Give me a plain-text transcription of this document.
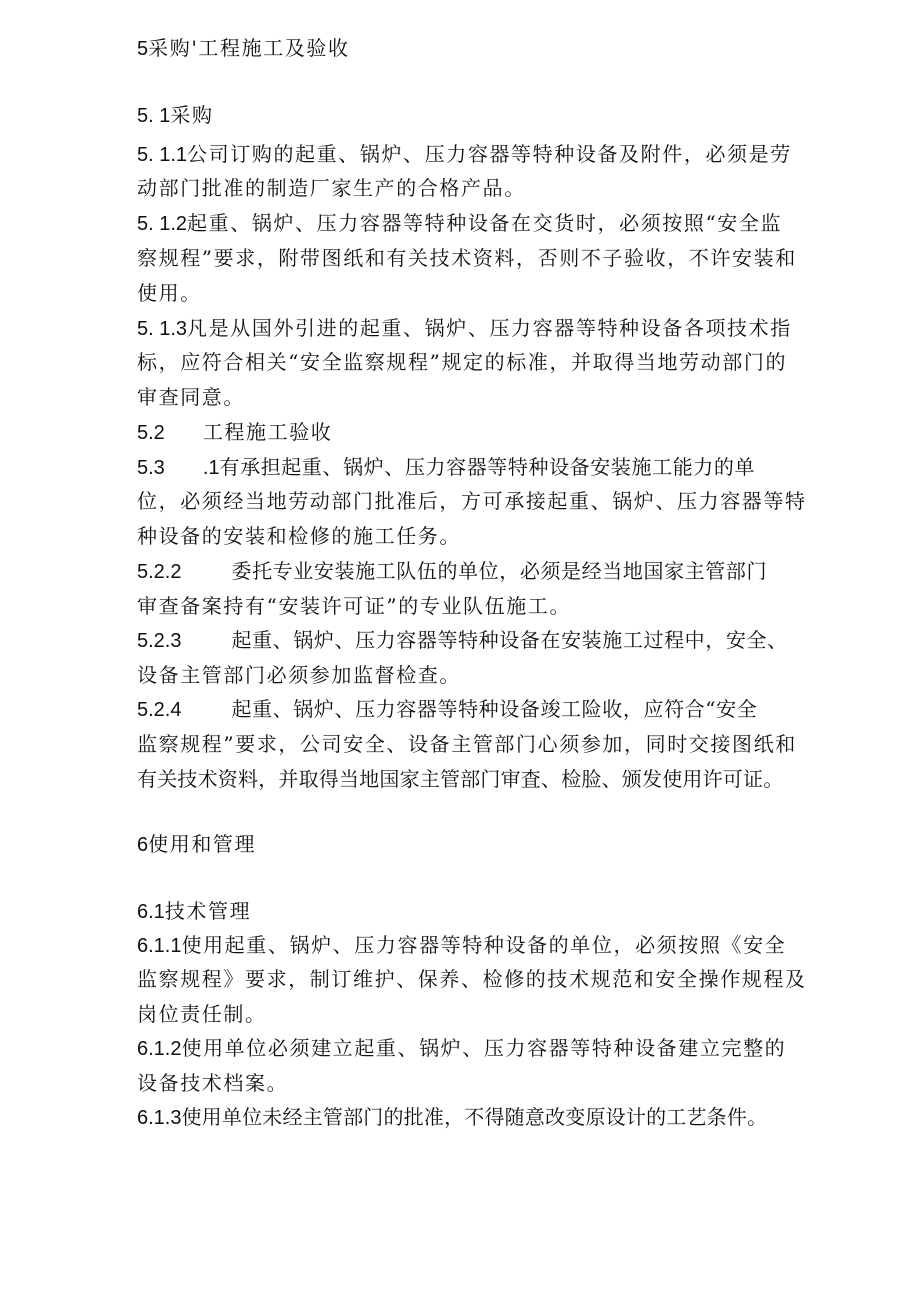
5采购'工程施工及验收
5. 1采购
5. 1.1公司订购的起重、锅炉、压力容器等特种设备及附件，必须是劳
动部门批准的制造厂家生产的合格产品。
5. 1.2起重、锅炉、压力容器等特种设备在交货时，必须按照“安全监
察规程”要求，附带图纸和有关技术资料，否则不子验收，不许安装和
使用。
5. 1.3凡是从国外引进的起重、锅炉、压力容器等特种设备各项技术指
标，应符合相关“安全监察规程”规定的标准，并取得当地劳动部门的
审查同意。
5.2 工程施工验收
5.3 .1有承担起重、锅炉、压力容器等特种设备安装施工能力的单
位，必须经当地劳动部门批准后，方可承接起重、锅炉、压力容器等特
种设备的安装和检修的施工任务。
5.2.2	委托专业安装施工队伍的单位，必须是经当地国家主管部门
审查备案持有“安装许可证”的专业队伍施工。
5.2.3	起重、锅炉、压力容器等特种设备在安装施工过程中，安全、
设备主管部门必须参加监督检查。
5.2.4	起重、锅炉、压力容器等特种设备竣工险收，应符合“安全
监察规程”要求，公司安全、设备主管部门心须参加，同时交接图纸和
有关技术资料，并取得当地国家主管部门审査、检脸、颁发使用许可证。
6使用和管理
6.1技术管理
6.1.1使用起重、锅炉、压力容器等特种设备的单位，必须按照《安全
监察规程》要求，制订维护、保养、检修的技术规范和安全操作规程及
岗位责任制。
6.1.2使用单位必须建立起重、锅炉、压力容器等特种设备建立完整的
设备技术档案。
6.1.3使用单位未经主管部门的批准，不得随意改变原设计的工艺条件。
